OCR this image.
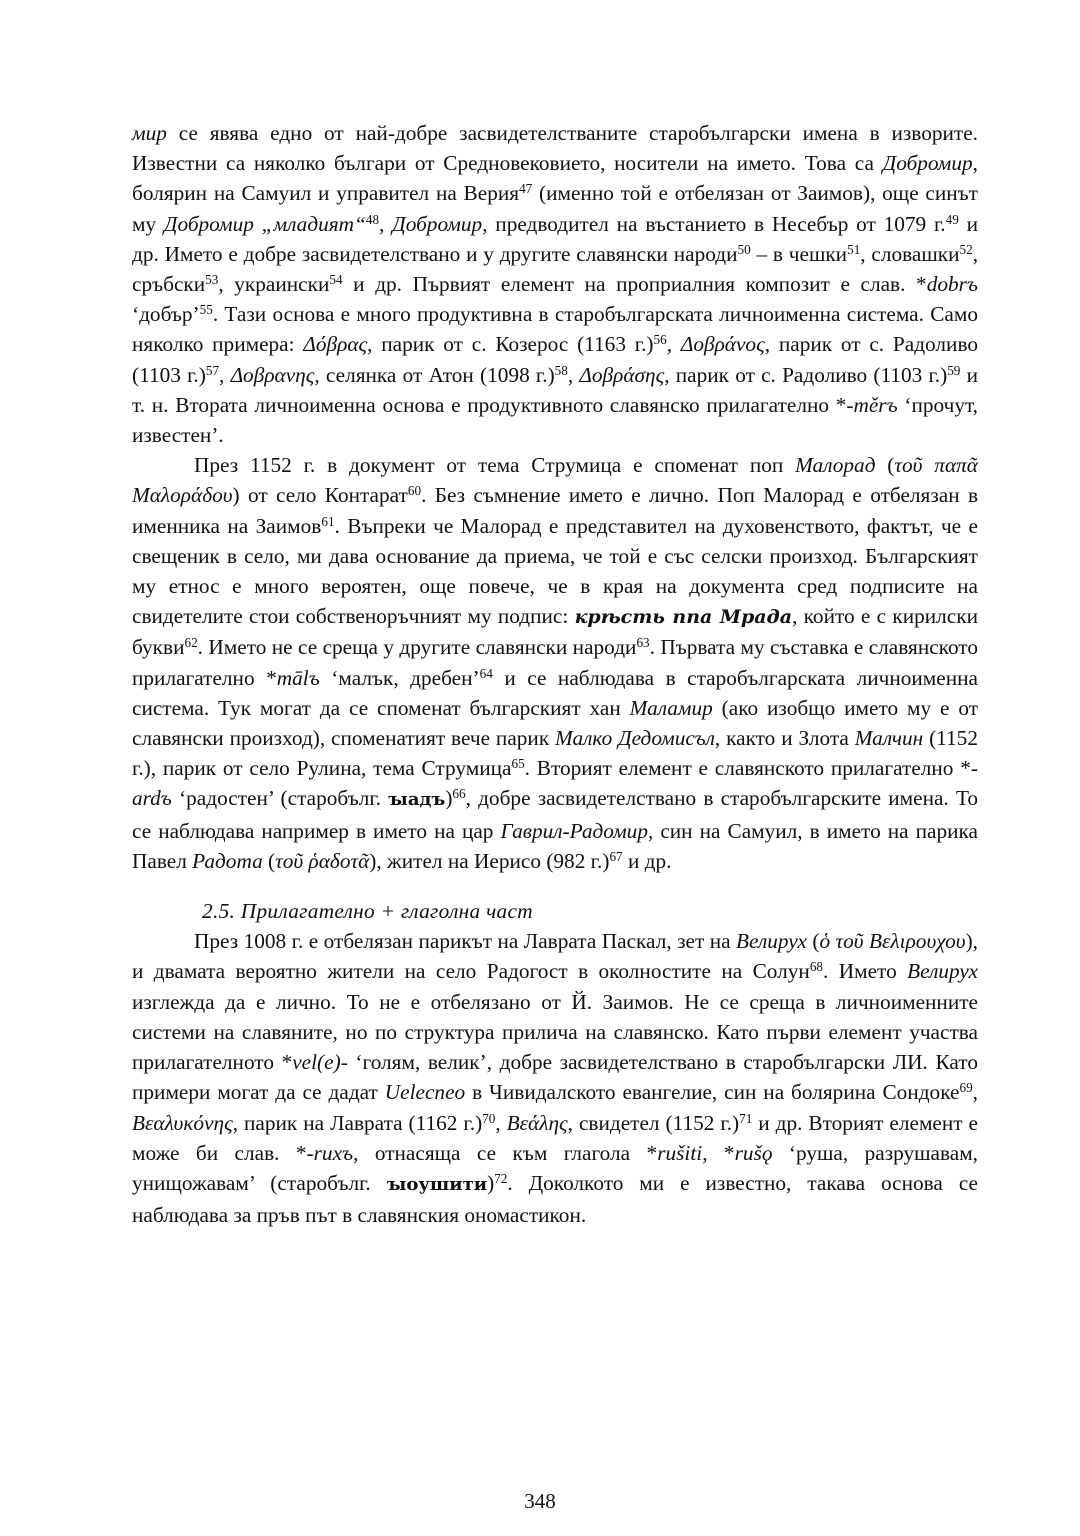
мир се явява едно от най-добре засвидетелстваните старобългарски имена в изворите. Известни са няколко българи от Средновековието, носители на името. Това са Добромир, болярин на Самуил и управител на Верия$^{47}$ (именно той е отбелязан от Заимов), още синът му Добромир „младият“$^{48}$, Добромир, предводител на въстанието в Несебър от 1079 г.$^{49}$ и др. Името е добре засвидетелствано и у другите славянски народи$^{50}$ – в чешки$^{51}$, словашки$^{52}$, сръбски$^{53}$, украински$^{54}$ и др. Първият елемент на проприалния композит е слав. *dobrъ ‘добър’$^{55}$. Тази основа е много продуктивна в старобългарската личноименна система. Само няколко примера: Δόβρας, парик от с. Козерос (1163 г.)$^{56}$, Δοβράνος, парик от с. Радоливо (1103 г.)$^{57}$, Δοβρανης, селянка от Атон (1098 г.)$^{58}$, Δοβράσης, парик от с. Радоливо (1103 г.)$^{59}$ и т. н. Втората личноименна основа е продуктивното славянско прилагателно *-měrъ ‘прочут, известен’.

През 1152 г. в документ от тема Струмица е споменат поп Малорад (τοῦ παπᾶ Μαλοράδου) от село Контарат$^{60}$. Без съмнение името е лично. Поп Малорад е отбелязан в именника на Заимов$^{61}$. Въпреки че Малорад е представител на духовенството, фактът, че е свещеник в село, ми дава основание да приема, че той е със селски произход. Българският му етнос е много вероятен, още повече, че в края на документа сред подписите на свидетелите стои собственоръчният му подпис: крѣсть ппа Мрада, който е с кирилски букви$^{62}$. Името не се среща у другите славянски народи$^{63}$. Първата му съставка е славянското прилагателно *mālъ ‘малък, дребен’$^{64}$ и се наблюдава в старобългарската личноименна система. Тук могат да се споменат българският хан Маламир (ако изобщо името му е от славянски произход), споменатият вече парик Малко Дедомисъл, както и Злота Малчин (1152 г.), парик от село Рулина, тема Струмица$^{65}$. Вторият елемент е славянското прилагателно *-ardъ ‘радостен’ (старобълг. ꙑадъ)$^{66}$, добре засвидетелствано в старобългарските имена. То се наблюдава например в името на цар Гаврил-Радомир, син на Самуил, в името на парика Павел Радота (τοῦ ῥαδοτᾶ), жител на Иерисо (982 г.)$^{67}$ и др.

2.5. Прилагателно + глаголна част

През 1008 г. е отбелязан парикът на Лаврата Паскал, зет на Велирух (ὁ τοῦ Βελιρουχου), и двамата вероятно жители на село Радогост в околностите на Солун$^{68}$. Името Велирух изглежда да е лично. То не е отбелязано от Й. Заимов. Не се среща в личноименните системи на славяните, но по структура прилича на славянско. Като първи елемент участва прилагателното *vel(e)- ‘голям, велик’, добре засвидетелствано в старобългарски ЛИ. Като примери могат да се дадат Uelecneo в Чивидалското евангелие, син на болярина Сондоке$^{69}$, Βεαλυκόνης, парик на Лаврата (1162 г.)$^{70}$, Βεάλης, свидетел (1152 г.)$^{71}$ и др. Вторият елемент е може би слав. *-ruxъ, отнасяща се към глагола *rušiti, *rušǫ ‘руша, разрушавам, унищожавам’ (старобълг. ꙑоушити)$^{72}$. Доколкото ми е известно, такава основа се наблюдава за пръв път в славянския ономастикон.

348
